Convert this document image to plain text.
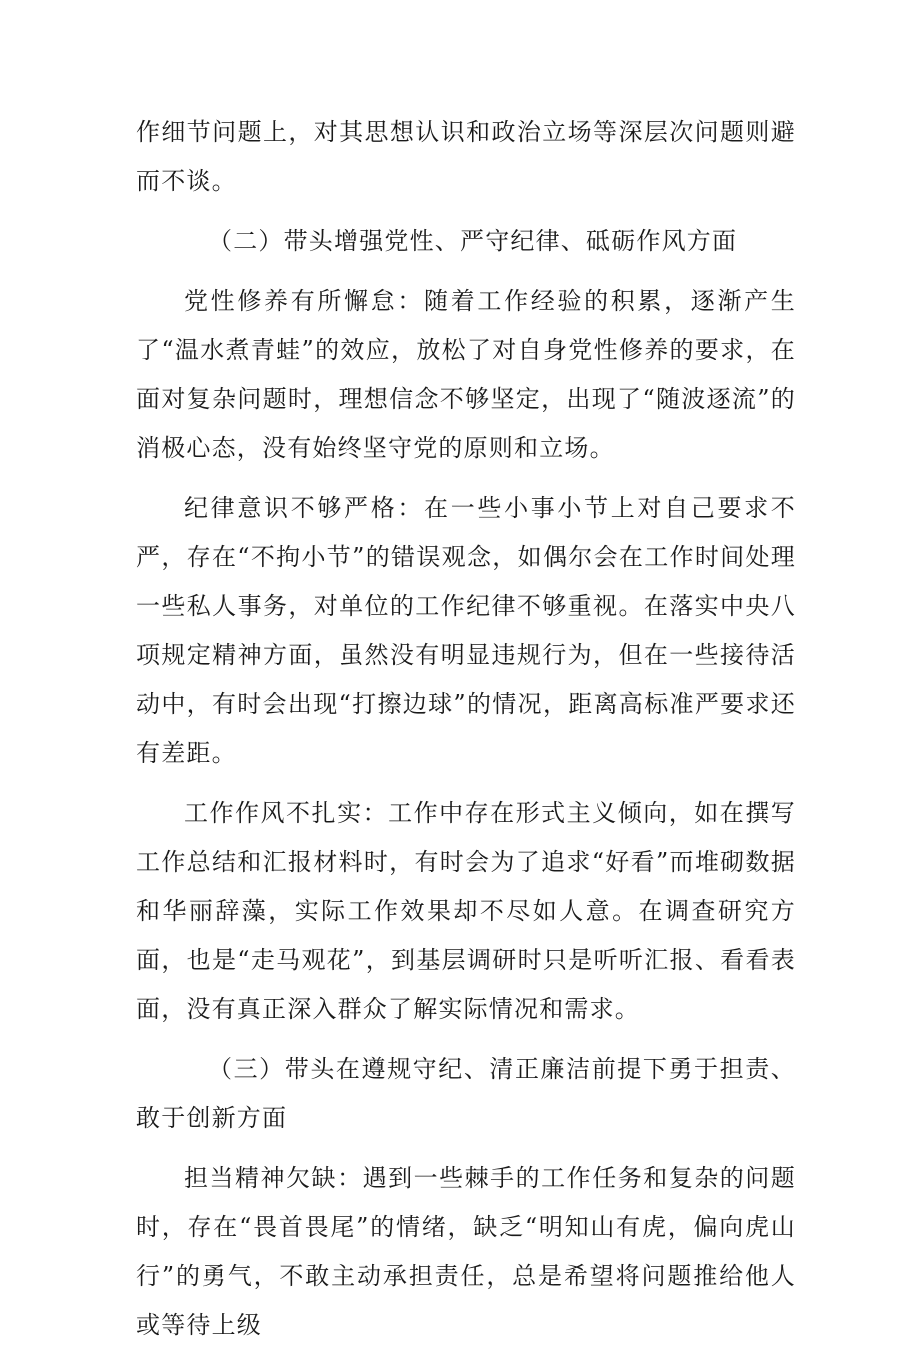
作细节问题上，对其思想认识和政治立场等深层次问题则避而不谈。

（二）带头增强党性、严守纪律、砥砺作风方面

党性修养有所懈怠：随着工作经验的积累，逐渐产生了“温水煮青蛙”的效应，放松了对自身党性修养的要求，在面对复杂问题时，理想信念不够坚定，出现了“随波逐流”的消极心态，没有始终坚守党的原则和立场。

纪律意识不够严格：在一些小事小节上对自己要求不严，存在“不拘小节”的错误观念，如偶尔会在工作时间处理一些私人事务，对单位的工作纪律不够重视。在落实中央八项规定精神方面，虽然没有明显违规行为，但在一些接待活动中，有时会出现“打擦边球”的情况，距离高标准严要求还有差距。

工作作风不扎实：工作中存在形式主义倾向，如在撰写工作总结和汇报材料时，有时会为了追求“好看”而堆砌数据和华丽辞藻，实际工作效果却不尽如人意。在调查研究方面，也是“走马观花”，到基层调研时只是听听汇报、看看表面，没有真正深入群众了解实际情况和需求。

（三）带头在遵规守纪、清正廉洁前提下勇于担责、敢于创新方面

担当精神欠缺：遇到一些棘手的工作任务和复杂的问题时，存在“畏首畏尾”的情绪，缺乏“明知山有虎，偏向虎山行”的勇气，不敢主动承担责任，总是希望将问题推给他人或等待上级
